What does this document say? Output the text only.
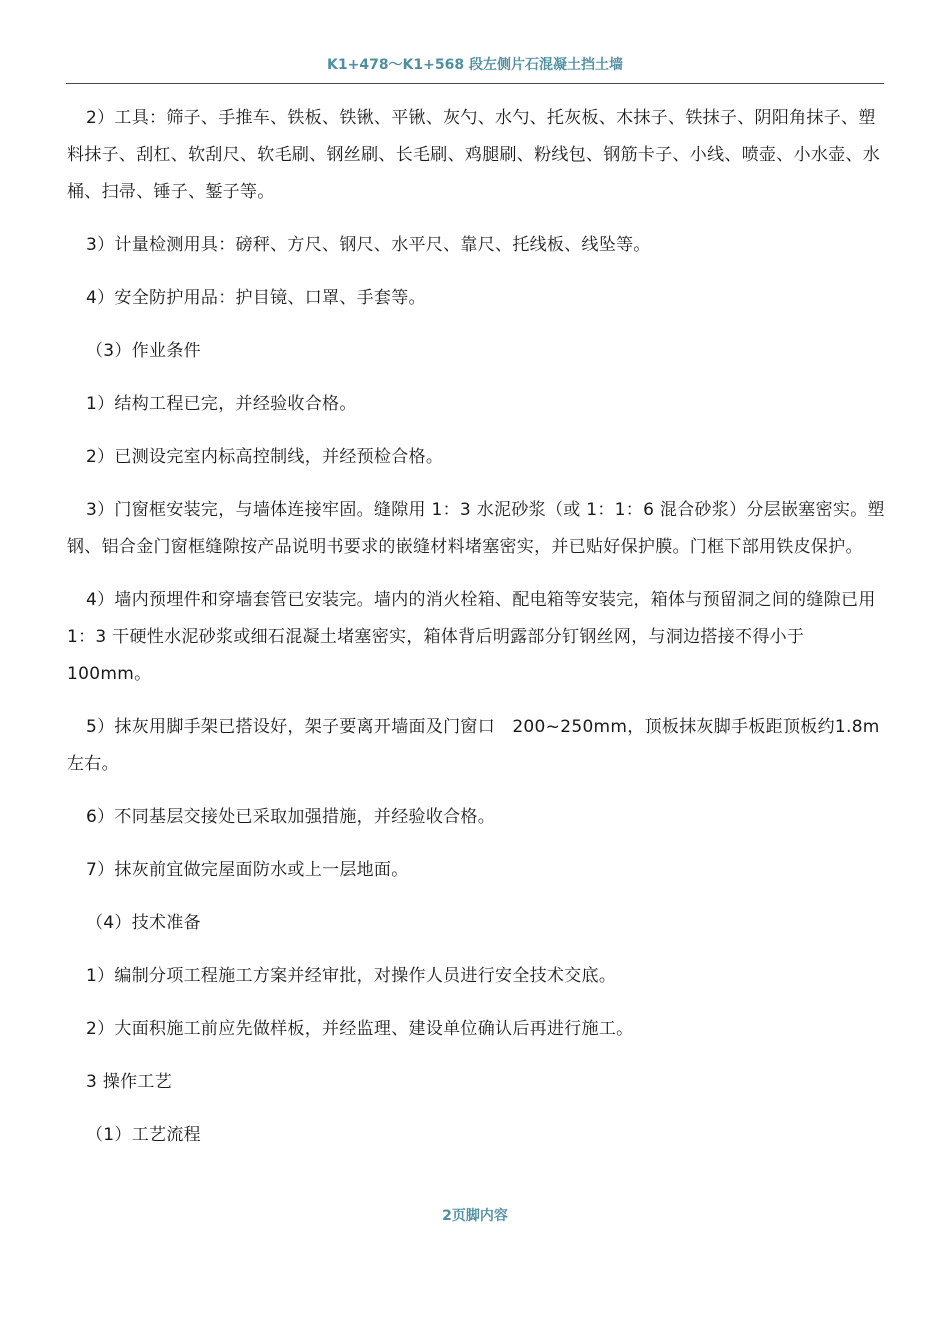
K1+478～K1+568 段左侧片石混凝土挡土墙

2）工具：筛子、手推车、铁板、铁锹、平锹、灰勺、水勺、托灰板、木抹子、铁抹子、阴阳角抹子、塑料抹子、刮杠、软刮尺、软毛刷、钢丝刷、长毛刷、鸡腿刷、粉线包、钢筋卡子、小线、喷壶、小水壶、水桶、扫帚、锤子、錾子等。

3）计量检测用具：磅秤、方尺、钢尺、水平尺、靠尺、托线板、线坠等。

4）安全防护用品：护目镜、口罩、手套等。

（3）作业条件

1）结构工程已完，并经验收合格。

2）已测设完室内标高控制线，并经预检合格。

3）门窗框安装完，与墙体连接牢固。缝隙用 1：3 水泥砂浆（或 1：1：6 混合砂浆）分层嵌塞密实。塑钢、铝合金门窗框缝隙按产品说明书要求的嵌缝材料堵塞密实，并已贴好保护膜。门框下部用铁皮保护。

4）墙内预埋件和穿墙套管已安装完。墙内的消火栓箱、配电箱等安装完，箱体与预留洞之间的缝隙已用 1：3 干硬性水泥砂浆或细石混凝土堵塞密实，箱体背后明露部分钉钢丝网，与洞边搭接不得小于 100mm。

5）抹灰用脚手架已搭设好，架子要离开墙面及门窗口　200~250mm，顶板抹灰脚手板距顶板约1.8m 左右。

6）不同基层交接处已采取加强措施，并经验收合格。

7）抹灰前宜做完屋面防水或上一层地面。

（4）技术准备

1）编制分项工程施工方案并经审批，对操作人员进行安全技术交底。

2）大面积施工前应先做样板，并经监理、建设单位确认后再进行施工。

3 操作工艺

（1）工艺流程

2页脚内容
